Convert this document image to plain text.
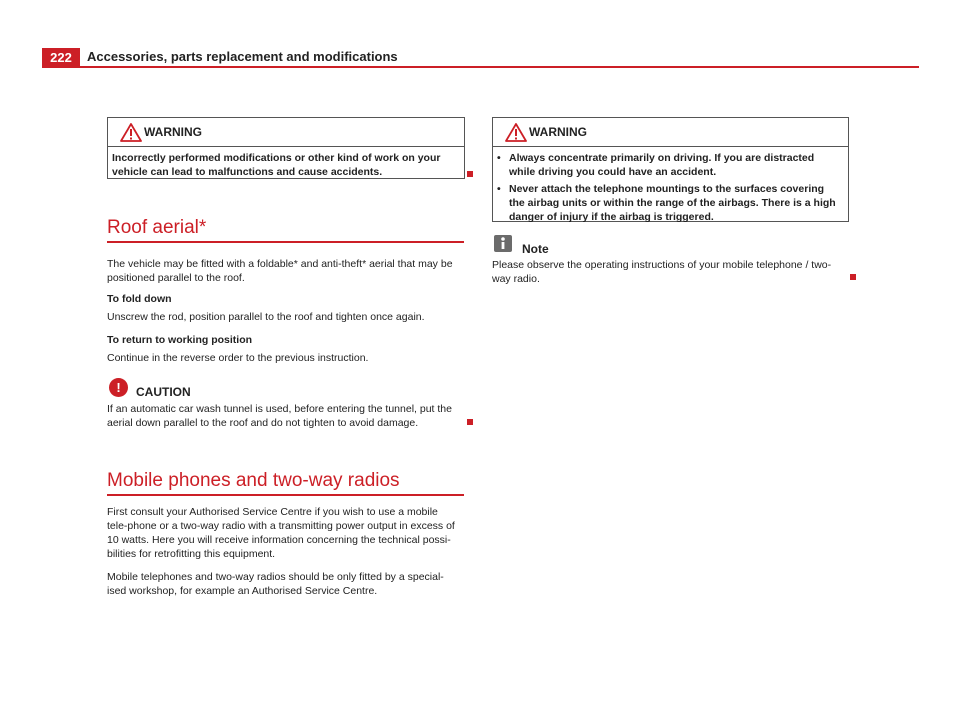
222	Accessories, parts replacement and modifications
WARNING
Incorrectly performed modifications or other kind of work on your vehicle can lead to malfunctions and cause accidents.
Roof aerial*

The vehicle may be fitted with a foldable* and anti-theft* aerial that may be positioned parallel to the roof.

To fold down

Unscrew the rod, position parallel to the roof and tighten once again.

To return to working position

Continue in the reverse order to the previous instruction.

!	CAUTION

If an automatic car wash tunnel is used, before entering the tunnel, put the aerial down parallel to the roof and do not tighten to avoid damage.

Mobile phones and two-way radios

First consult your Authorised Service Centre if you wish to use a mobile tele-phone or a two-way radio with a transmitting power output in excess of 10 watts. Here you will receive information concerning the technical possi-bilities for retrofitting this equipment.

Mobile telephones and two-way radios should be only fitted by a special-ised workshop, for example an Authorised Service Centre.

WARNING
• Always concentrate primarily on driving. If you are distracted while driving you could have an accident.
• Never attach the telephone mountings to the surfaces covering the airbag units or within the range of the airbags. There is a high danger of injury if the airbag is triggered.
Note

Please observe the operating instructions of your mobile telephone / two-way radio.
